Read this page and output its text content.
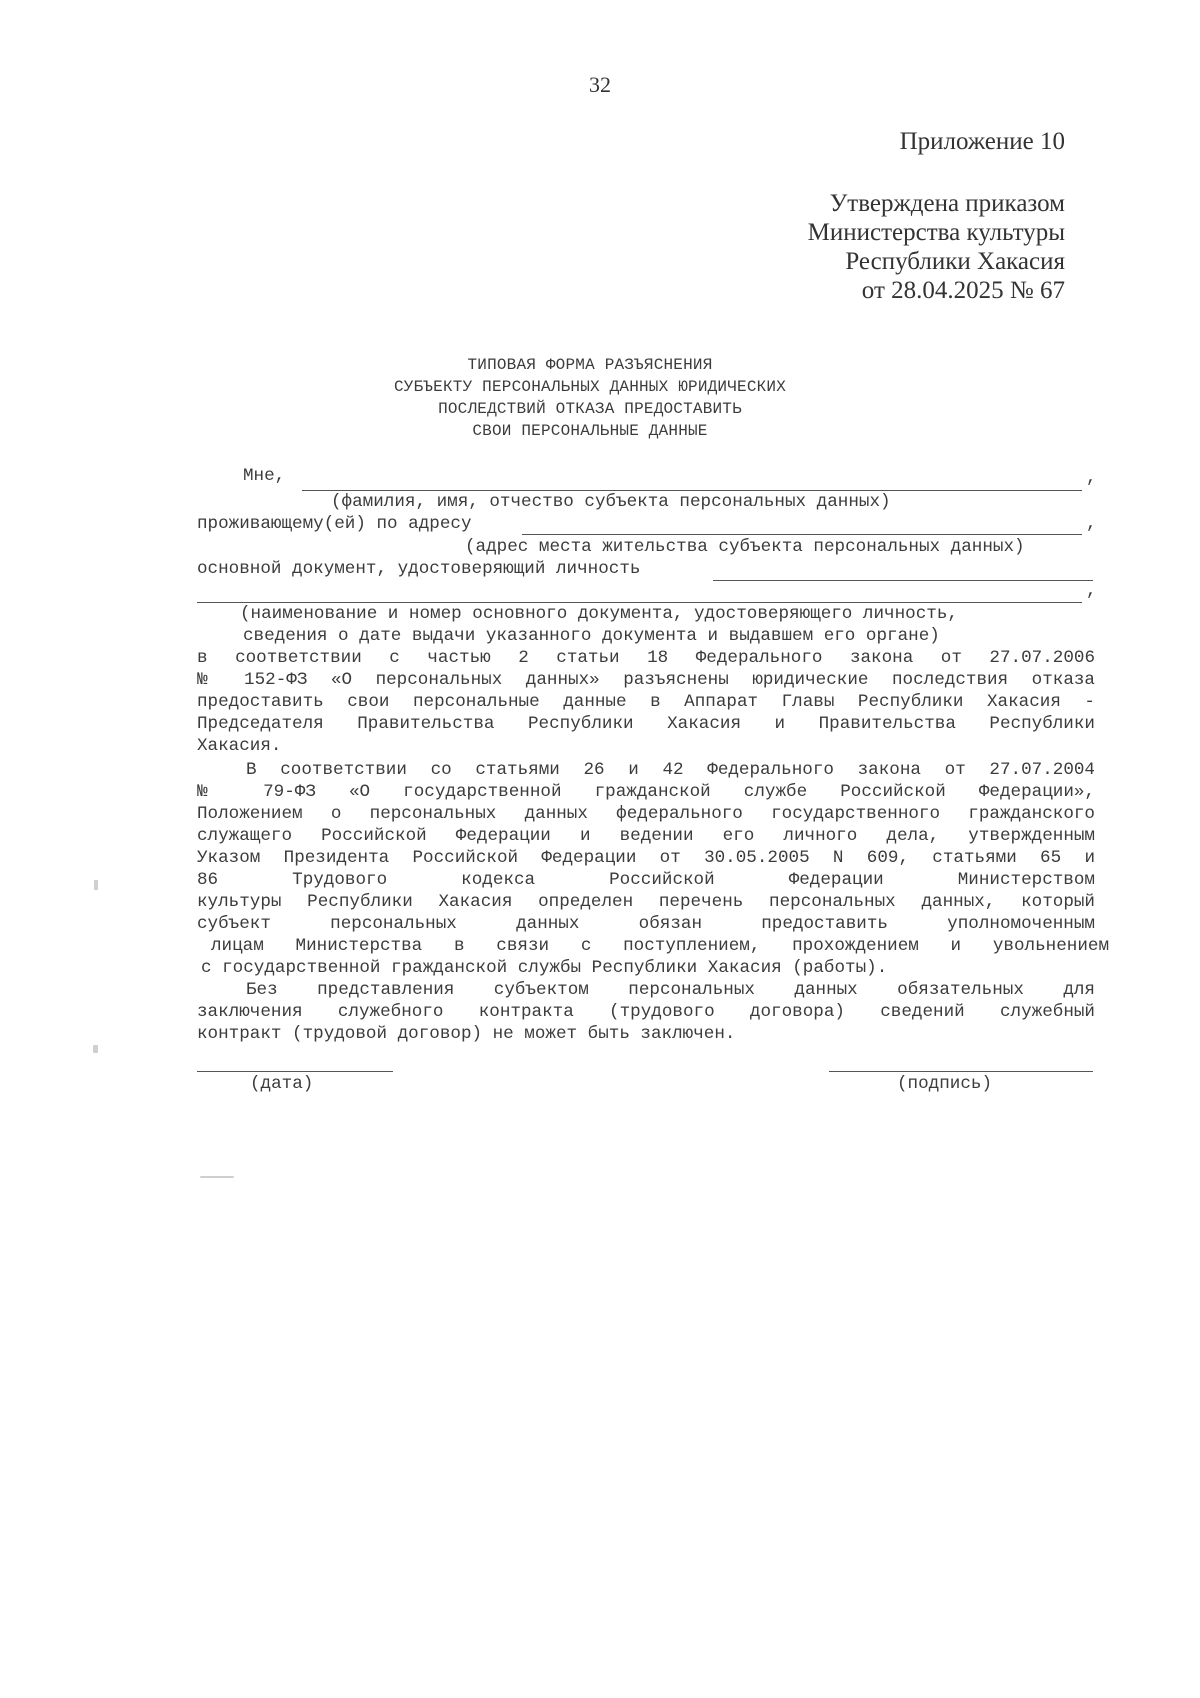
32
Приложение 10
Утверждена приказом
Министерства культуры
Республики Хакасия
от 28.04.2025 № 67
ТИПОВАЯ ФОРМА РАЗЪЯСНЕНИЯ
СУБЪЕКТУ ПЕРСОНАЛЬНЫХ ДАННЫХ ЮРИДИЧЕСКИХ
ПОСЛЕДСТВИЙ ОТКАЗА ПРЕДОСТАВИТЬ
СВОИ ПЕРСОНАЛЬНЫЕ ДАННЫЕ
Мне,	,
(фамилия, имя, отчество субъекта персональных данных)
проживающему(ей) по адресу	,
(адрес места жительства субъекта персональных данных)
основной документ, удостоверяющий личность
,
(наименование и номер основного документа, удостоверяющего личность,
сведения о дате выдачи указанного документа и выдавшем его органе)
в соответствии с частью 2 статьи 18 Федерального закона от 27.07.2006
№ 152-ФЗ «О персональных данных» разъяснены юридические последствия отказа
предоставить свои персональные данные в Аппарат Главы Республики Хакасия -
Председателя Правительства Республики Хакасия и Правительства Республики
Хакасия.
В соответствии со статьями 26 и 42 Федерального закона от 27.07.2004
№ 79-ФЗ «О государственной гражданской службе Российской Федерации»,
Положением о персональных данных федерального государственного гражданского
служащего Российской Федерации и ведении его личного дела, утвержденным
Указом Президента Российской Федерации от 30.05.2005 N 609, статьями 65 и
86 Трудового кодекса Российской Федерации Министерством
культуры Республики Хакасия определен перечень персональных данных, который
субъект персональных данных обязан предоставить уполномоченным
лицам Министерства в связи с поступлением, прохождением и увольнением
с государственной гражданской службы Республики Хакасия (работы).
Без представления субъектом персональных данных обязательных для
заключения служебного контракта (трудового договора) сведений служебный
контракт (трудовой договор) не может быть заключен.
(дата)	(подпись)
